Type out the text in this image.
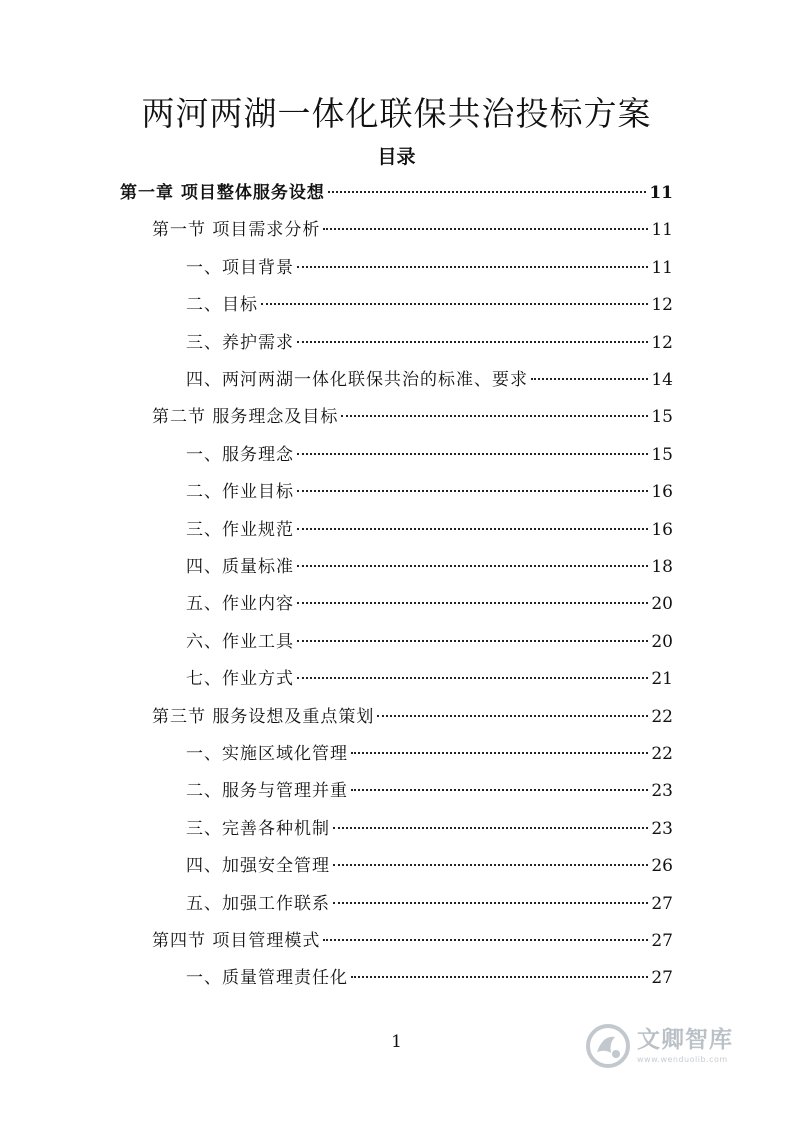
两河两湖一体化联保共治投标方案
目录
第一章 项目整体服务设想	11
第一节 项目需求分析	11
一、项目背景	11
二、目标	12
三、养护需求	12
四、两河两湖一体化联保共治的标准、要求	14
第二节 服务理念及目标	15
一、服务理念	15
二、作业目标	16
三、作业规范	16
四、质量标准	18
五、作业内容	20
六、作业工具	20
七、作业方式	21
第三节 服务设想及重点策划	22
一、实施区域化管理	22
二、服务与管理并重	23
三、完善各种机制	23
四、加强安全管理	26
五、加强工作联系	27
第四节 项目管理模式	27
一、质量管理责任化	27
1	文卿智库
www.wenduolib.com
